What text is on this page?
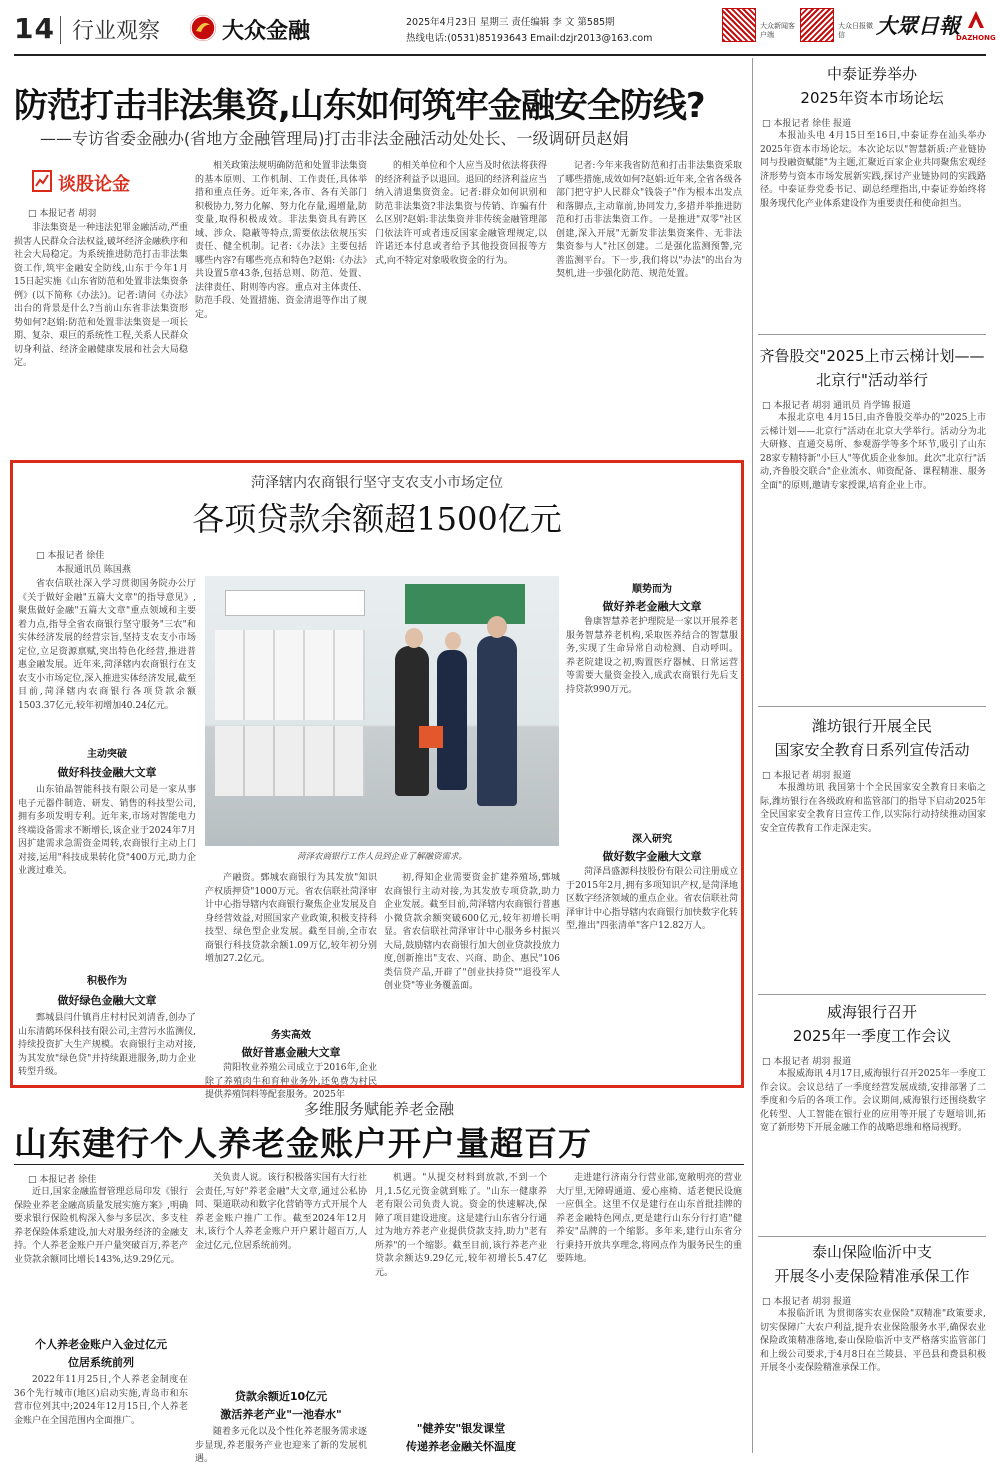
14 行业观察	大众金融	2025年4月23日 星期三 责任编辑 李 文 第585期
热线电话:(0531)85193643 Email:dzjr2013@163.com
大众新闻客户端
大众日报微信	大眾日報
DAZHONG
防范打击非法集资,山东如何筑牢金融安全防线?
——专访省委金融办(省地方金融管理局)打击非法金融活动处处长、一级调研员赵娟
谈股论金
□ 本报记者 胡羽

非法集资是一种违法犯罪金融活动,严重损害人民群众合法权益,破坏经济金融秩序和社会大局稳定。为系统推进防范打击非法集资工作,筑牢金融安全防线,山东于今年1月15日起实施《山东省防范和处置非法集资条例》(以下简称《办法》)。记者:请问《办法》出台的背景是什么?当前山东省非法集资形势如何?赵娟:防范和处置非法集资是一项长期、复杂、艰巨的系统性工程,关系人民群众切身利益、经济金融健康发展和社会大局稳定。

相关政策法规明确防范和处置非法集资的基本原则、工作机制、工作责任,具体举措和重点任务。近年来,各市、各有关部门积极协力,努力化解、努力化存量,遏增量,防变量,取得积极成效。非法集资具有跨区域、涉众、隐蔽等特点,需要依法依规压实责任、健全机制。记者:《办法》主要包括哪些内容?有哪些亮点和特色?赵娟:《办法》共设置5章43条,包括总则、防范、处置、法律责任、附则等内容。重点对主体责任、防范手段、处置措施、资金清退等作出了规定。

的相关单位和个人应当及时依法将获得的经济利益予以退回。退回的经济利益应当纳入清退集资资金。记者:群众如何识别和防范非法集资?非法集资与传销、诈骗有什么区别?赵娟:非法集资并非传统金融管理部门依法许可或者违反国家金融管理规定,以许诺还本付息或者给予其他投资回报等方式,向不特定对象吸收资金的行为。

记者:今年来我省防范和打击非法集资采取了哪些措施,成效如何?赵娟:近年来,全省各级各部门把守护人民群众"钱袋子"作为根本出发点和落脚点,主动靠前,协同发力,多措并举推进防范和打击非法集资工作。一是推进"双零"社区创建,深入开展"无新发非法集资案件、无非法集资参与人"社区创建。二是强化监测预警,完善监测平台。下一步,我们将以"办法"的出台为契机,进一步强化防范、规范处置。

菏泽辖内农商银行坚守支农支小市场定位
各项贷款余额超1500亿元
□ 本报记者 徐佳
本报通讯员 陈国燕

省农信联社深入学习贯彻国务院办公厅《关于做好金融"五篇大文章"的指导意见》,聚焦做好金融"五篇大文章"重点领域和主要着力点,指导全省农商银行坚守服务"三农"和实体经济发展的经营宗旨,坚持支农支小市场定位,立足资源禀赋,突出特色化经营,推进普惠金融发展。近年来,菏泽辖内农商银行在支农支小市场定位,深入推进实体经济发展,截至目前,菏泽辖内农商银行各项贷款余额1503.37亿元,较年初增加40.24亿元。

主动突破
做好科技金融大文章

山东铂晶智能科技有限公司是一家从事电子元器件制造、研发、销售的科技型公司,拥有多项发明专利。近年来,市场对智能电力终端设备需求不断增长,该企业于2024年7月因扩建需求急需资金周转,农商银行主动上门对接,运用"科技成果转化贷"400万元,助力企业渡过难关。

积极作为
做好绿色金融大文章

鄄城县闫什镇肖庄村村民刘清香,创办了山东清鹤环保科技有限公司,主营污水监测仪,持续投资扩大生产规模。农商银行主动对接,为其发放"绿色贷"并持续跟进服务,助力企业转型升级。

菏泽农商银行工作人员到企业了解融资需求。

产融资。鄄城农商银行为其发放"知识产权质押贷"1000万元。省农信联社菏泽审计中心指导辖内农商银行聚焦企业发展及自身经营效益,对照国家产业政策,积极支持科技型、绿色型企业发展。截至目前,全市农商银行科技贷款余额1.09万亿,较年初分别增加27.2亿元。

务实高效
做好普惠金融大文章

菏阳牧业养殖公司成立于2016年,企业除了养殖肉牛和育种业务外,还免费为村民提供养殖饲料等配套服务。2025年

初,得知企业需要资金扩建养殖场,鄄城农商银行主动对接,为其发放专项贷款,助力企业发展。截至目前,菏泽辖内农商银行普惠小微贷款余额突破600亿元,较年初增长明显。省农信联社菏泽审计中心服务乡村振兴大局,鼓励辖内农商银行加大创业贷款投放力度,创新推出"支农、兴商、助企、惠民"106类信贷产品,开辟了"创业扶持贷""退役军人创业贷"等业务覆盖面。

顺势而为
做好养老金融大文章

鲁康智慧养老护理院是一家以开展养老服务智慧养老机构,采取医养结合的智慧服务,实现了生命异常自动检测、自动呼叫。养老院建设之初,购置医疗器械、日常运营等需要大量资金投入,成武农商银行先后支持贷款990万元。

深入研究
做好数字金融大文章

菏泽昌盛源科技股份有限公司注册成立于2015年2月,拥有多项知识产权,是菏泽地区数字经济领域的重点企业。省农信联社菏泽审计中心指导辖内农商银行加快数字化转型,推出"四张清单"客户12.82万人。

多维服务赋能养老金融
山东建行个人养老金账户开户量超百万
□ 本报记者 徐佳

近日,国家金融监督管理总局印发《银行保险业养老金融高质量发展实施方案》,明确要求银行保险机构深入参与多层次、多支柱养老保险体系建设,加大对服务经济的金融支持。个人养老金账户开户量突破百万,养老产业贷款余额同比增长143%,达9.29亿元。

个人养老金账户入金过亿元
位居系统前列

2022年11月25日,个人养老金制度在36个先行城市(地区)启动实施,青岛市和东营市位列其中;2024年12月15日,个人养老金账户在全国范围内全面推广。

关负责人说。该行积极落实国有大行社会责任,写好"养老金融"大文章,通过公私协同、渠道联动和数字化营销等方式开展个人养老金账户推广工作。截至2024年12月末,该行个人养老金账户开户累计超百万,人金过亿元,位居系统前列。

贷款余额近10亿元
激活养老产业"一池春水"

随着多元化以及个性化养老服务需求逐步显现,养老服务产业也迎来了新的发展机遇。

机遇。"从提交材料到放款,不到一个月,1.5亿元资金就到账了。"山东一健康养老有限公司负责人说。资金的快速解决,保障了项目建设进度。这是建行山东省分行通过为地方养老产业提供贷款支持,助力"老有所养"的一个缩影。截至目前,该行养老产业贷款余额达9.29亿元,较年初增长5.47亿元。

"健养安"银发课堂
传递养老金融关怀温度

走进建行济南分行营业部,宽敞明亮的营业大厅里,无障碍通道、爱心座椅、适老便民设施一应俱全。这里不仅是建行在山东首批挂牌的养老金融特色网点,更是建行山东分行打造"健养安"品牌的一个缩影。多年来,建行山东省分行秉持开放共享理念,将网点作为服务民生的重要阵地。

中泰证券举办
2025年资本市场论坛
□ 本报记者 徐佳 报道

本报汕头电 4月15日至16日,中泰证券在汕头举办2025年资本市场论坛。本次论坛以"智慧新质:产业链协同与投融资赋能"为主题,汇聚近百家企业共同聚焦宏观经济形势与资本市场发展新实践,探讨产业链协同的实践路径。中泰证券党委书记、副总经理指出,中泰证券始终将服务现代化产业体系建设作为重要责任和使命担当。

齐鲁股交"2025上市云梯计划——
北京行"活动举行
□ 本报记者 胡羽 通讯员 肖学锦 报道

本报北京电 4月15日,由齐鲁股交举办的"2025上市云梯计划——北京行"活动在北京大学举行。活动分为北大研修、直通交易所、参观游学等多个环节,吸引了山东28家专精特新"小巨人"等优质企业参加。此次"北京行"活动,齐鲁股交联合"企业流水、师资配备、课程精准、服务全面"的原则,邀请专家授课,培育企业上市。

潍坊银行开展全民
国家安全教育日系列宣传活动
□ 本报记者 胡羽 报道

本报潍坊讯 我国第十个全民国家安全教育日来临之际,潍坊银行在各级政府和监管部门的指导下启动2025年全民国家安全教育日宣传工作,以实际行动持续推动国家安全宣传教育工作走深走实。

威海银行召开
2025年一季度工作会议
□ 本报记者 胡羽 报道

本报威海讯 4月17日,威海银行召开2025年一季度工作会议。会议总结了一季度经营发展成绩,安排部署了二季度和今后的各项工作。会议期间,威海银行还围绕数字化转型、人工智能在银行业的应用等开展了专题培训,拓宽了新形势下开展金融工作的战略思维和格局视野。

泰山保险临沂中支
开展冬小麦保险精准承保工作
□ 本报记者 胡羽 报道

本报临沂讯 为贯彻落实农业保险"双精准"政策要求,切实保障广大农户利益,提升农业保险服务水平,确保农业保险政策精准落地,泰山保险临沂中支严格落实监管部门和上级公司要求,于4月8日在兰陵县、平邑县和费县积极开展冬小麦保险精准承保工作。
